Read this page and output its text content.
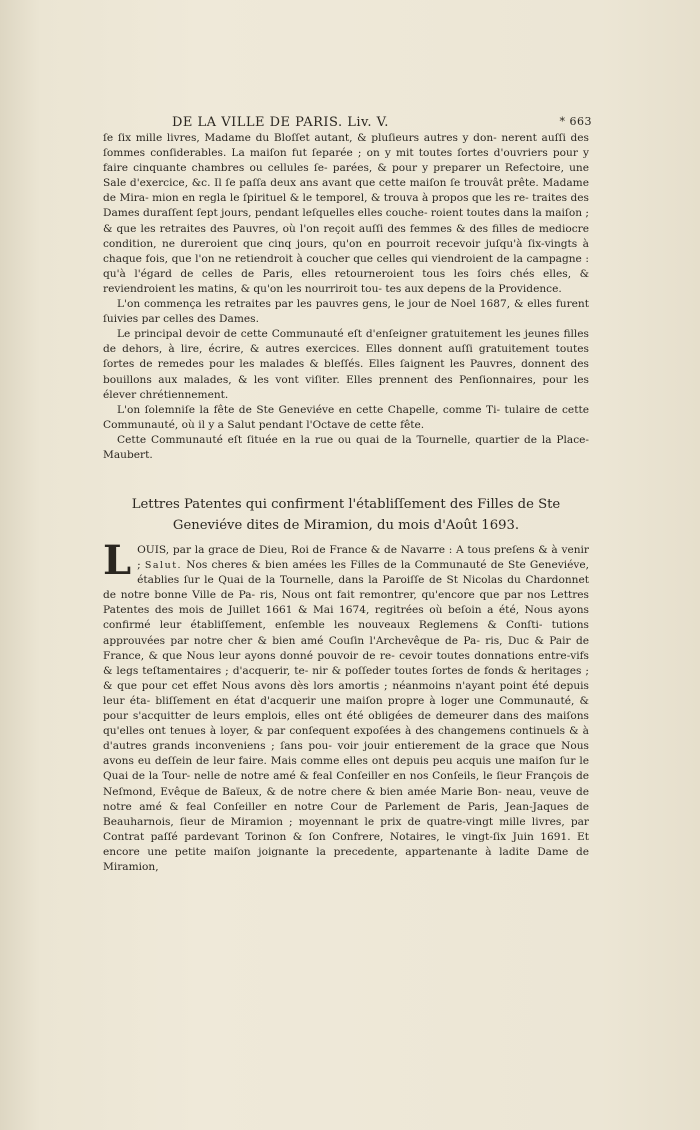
DE LA VILLE DE PARIS. Liv. V.	* 663

ſe ſix mille livres, Madame du Bloſſet autant, & pluſieurs autres y don- nerent auſſi des ſommes conſiderables. La maiſon fut ſeparée ; on y mit toutes ſortes d'ouvriers pour y faire cinquante chambres ou cellules ſe- parées, & pour y preparer un Refectoire, une Sale d'exercice, &c. Il ſe paſſa deux ans avant que cette maiſon ſe trouvât prête. Madame de Mira- mion en regla le ſpirituel & le temporel, & trouva à propos que les re- traites des Dames duraſſent ſept jours, pendant leſquelles elles couche- roient toutes dans la maiſon ; & que les retraites des Pauvres, où l'on reçoit auſſi des femmes & des filles de mediocre condition, ne dureroient que cinq jours, qu'on en pourroit recevoir juſqu'à ſix-vingts à chaque fois, que l'on ne retiendroit à coucher que celles qui viendroient de la campagne : qu'à l'égard de celles de Paris, elles retourneroient tous les ſoirs chés elles, & reviendroient les matins, & qu'on les nourriroit tou- tes aux depens de la Providence.

L'on commença les retraites par les pauvres gens, le jour de Noel 1687, & elles furent ſuivies par celles des Dames.

Le principal devoir de cette Communauté eſt d'enſeigner gratuitement les jeunes filles de dehors, à lire, écrire, & autres exercices. Elles donnent auſſi gratuitement toutes ſortes de remedes pour les malades & bleſſés. Elles ſaignent les Pauvres, donnent des bouillons aux malades, & les vont viſiter. Elles prennent des Penſionnaires, pour les élever chrétiennement.

L'on ſolemniſe la fête de Ste Geneviéve en cette Chapelle, comme Ti- tulaire de cette Communauté, où il y a Salut pendant l'Octave de cette fête.

Cette Communauté eſt ſituée en la rue ou quai de la Tournelle, quartier de la Place-Maubert.

Lettres Patentes qui confirment l'établiſſement des Filles de Ste
Geneviéve dites de Miramion, du mois d'Août 1693.
L OUIS, par la grace de Dieu, Roi de France & de Navarre : A tous preſens & à venir ; Salut. Nos cheres & bien amées les Filles de la Communauté de Ste Geneviéve, établies ſur le Quai de la Tournelle, dans la Paroiſſe de St Nicolas du Chardonnet de notre bonne Ville de Pa- ris, Nous ont fait remontrer, qu'encore que par nos Lettres Patentes des mois de Juillet 1661 & Mai 1674, regitrées où beſoin a été, Nous ayons confirmé leur établiſſement, enſemble les nouveaux Reglemens & Conſti- tutions approuvées par notre cher & bien amé Couſin l'Archevêque de Pa- ris, Duc & Pair de France, & que Nous leur ayons donné pouvoir de re- cevoir toutes donnations entre-vifs & legs teſtamentaires ; d'acquerir, te- nir & poſſeder toutes ſortes de fonds & heritages ; & que pour cet effet Nous avons dès lors amortis ; néanmoins n'ayant point été depuis leur éta- bliſſement en état d'acquerir une maiſon propre à loger une Communauté, & pour s'acquitter de leurs emplois, elles ont été obligées de demeurer dans des maiſons qu'elles ont tenues à loyer, & par conſequent expoſées à des changemens continuels & à d'autres grands inconveniens ; ſans pou- voir jouir entierement de la grace que Nous avons eu deſſein de leur faire. Mais comme elles ont depuis peu acquis une maiſon ſur le Quai de la Tour- nelle de notre amé & feal Conſeiller en nos Conſeils, le ſieur François de Neſmond, Evêque de Baïeux, & de notre chere & bien amée Marie Bon- neau, veuve de notre amé & feal Conſeiller en notre Cour de Parlement de Paris, Jean-Jaques de Beauharnois, ſieur de Miramion ; moyennant le prix de quatre-vingt mille livres, par Contrat paſſé pardevant Torinon & ſon Confrere, Notaires, le vingt-ſix Juin 1691. Et encore une petite maiſon joignante la precedente, appartenante à ladite Dame de Miramion,
